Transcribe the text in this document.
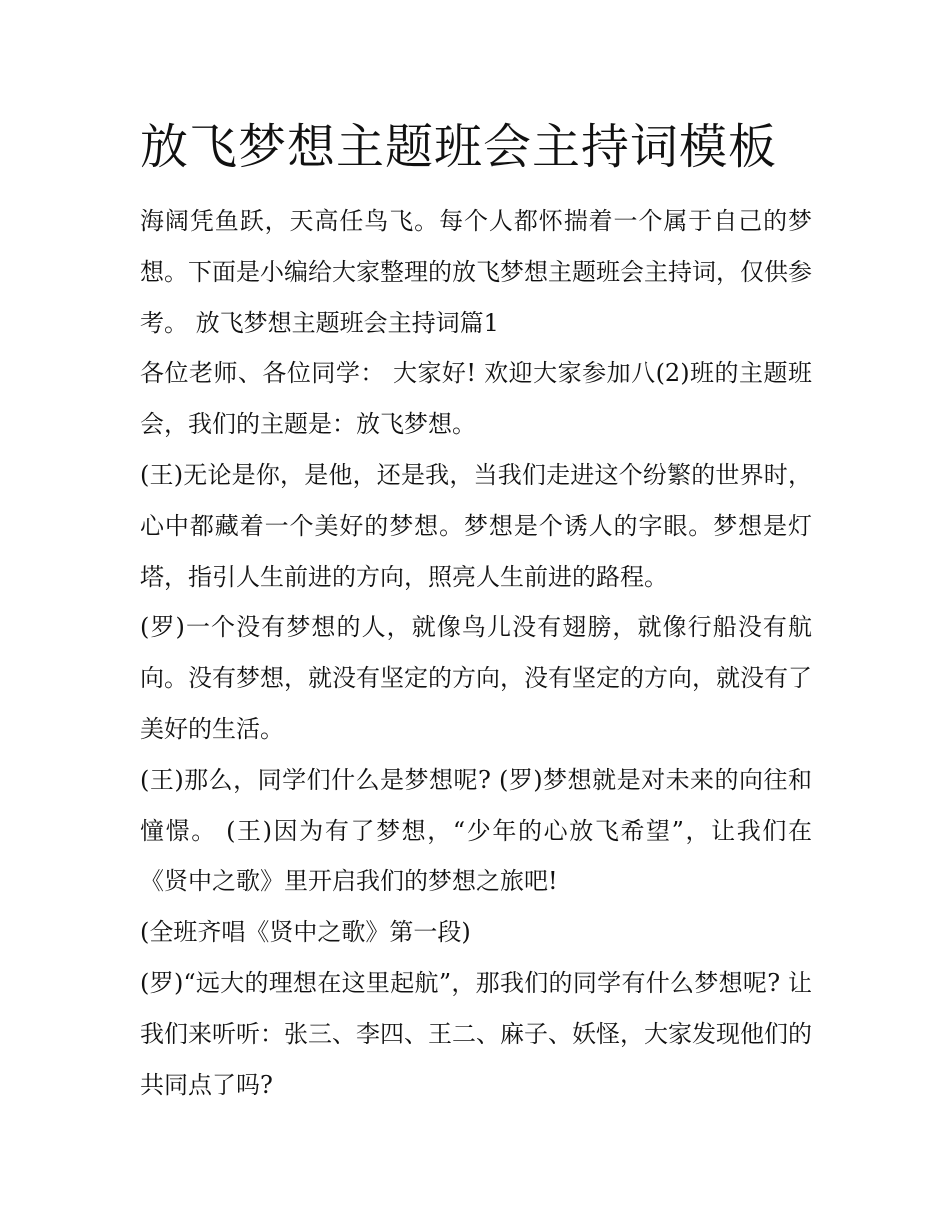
放飞梦想主题班会主持词模板

海阔凭鱼跃，天高任鸟飞。每个人都怀揣着一个属于自己的梦想。下面是小编给大家整理的放飞梦想主题班会主持词，仅供参考。 放飞梦想主题班会主持词篇1

各位老师、各位同学： 大家好! 欢迎大家参加八(2)班的主题班会，我们的主题是：放飞梦想。

(王)无论是你，是他，还是我，当我们走进这个纷繁的世界时，心中都藏着一个美好的梦想。梦想是个诱人的字眼。梦想是灯塔，指引人生前进的方向，照亮人生前进的路程。

(罗)一个没有梦想的人，就像鸟儿没有翅膀，就像行船没有航向。没有梦想，就没有坚定的方向，没有坚定的方向，就没有了美好的生活。

(王)那么，同学们什么是梦想呢? (罗)梦想就是对未来的向往和憧憬。 (王)因为有了梦想，“少年的心放飞希望”，让我们在《贤中之歌》里开启我们的梦想之旅吧!

(全班齐唱《贤中之歌》第一段)

(罗)“远大的理想在这里起航”，那我们的同学有什么梦想呢? 让我们来听听：张三、李四、王二、麻子、妖怪，大家发现他们的共同点了吗?
